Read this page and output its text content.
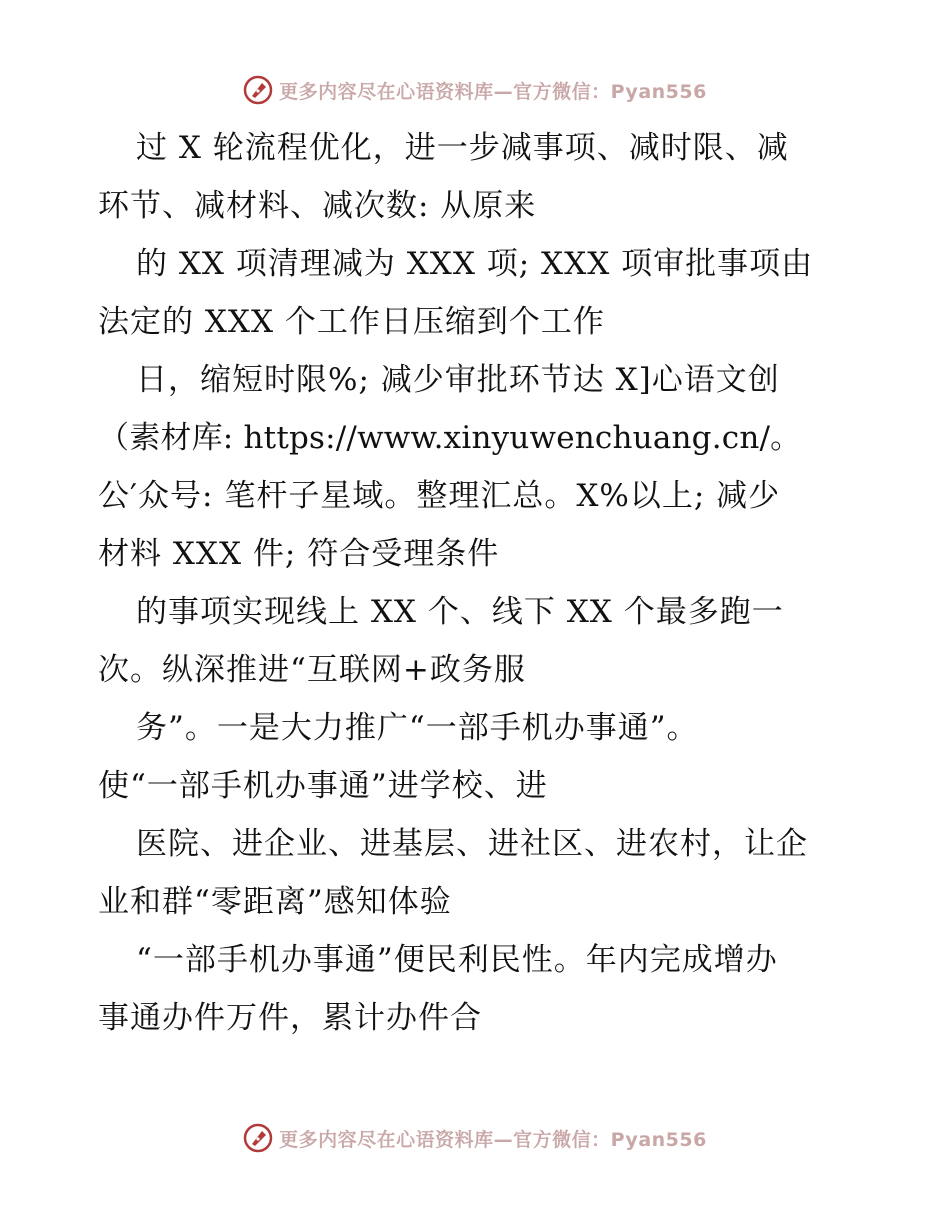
更多内容尽在心语资料库—官方微信：Pyan556
过 X 轮流程优化，进一步减事项、减时限、减
环节、减材料、减次数: 从原来
的 XX 项清理减为 XXX 项; XXX 项审批事项由
法定的 XXX 个工作日压缩到个工作
日，缩短时限%; 减少审批环节达 X]心语文创
（素材库: https://www.xinyuwenchuang.cn/。
公′众号: 笔杆子星域。整理汇总。X%以上; 减少
材料 XXX 件; 符合受理条件
的事项实现线上 XX 个、线下 XX 个最多跑一
次。纵深推进“互联网+政务服
务”。一是大力推广“一部手机办事通”。
使“一部手机办事通”进学校、进
医院、进企业、进基层、进社区、进农村，让企
业和群“零距离”感知体验
“一部手机办事通”便民利民性。年内完成增办
事通办件万件，累计办件合
更多内容尽在心语资料库—官方微信：Pyan556
